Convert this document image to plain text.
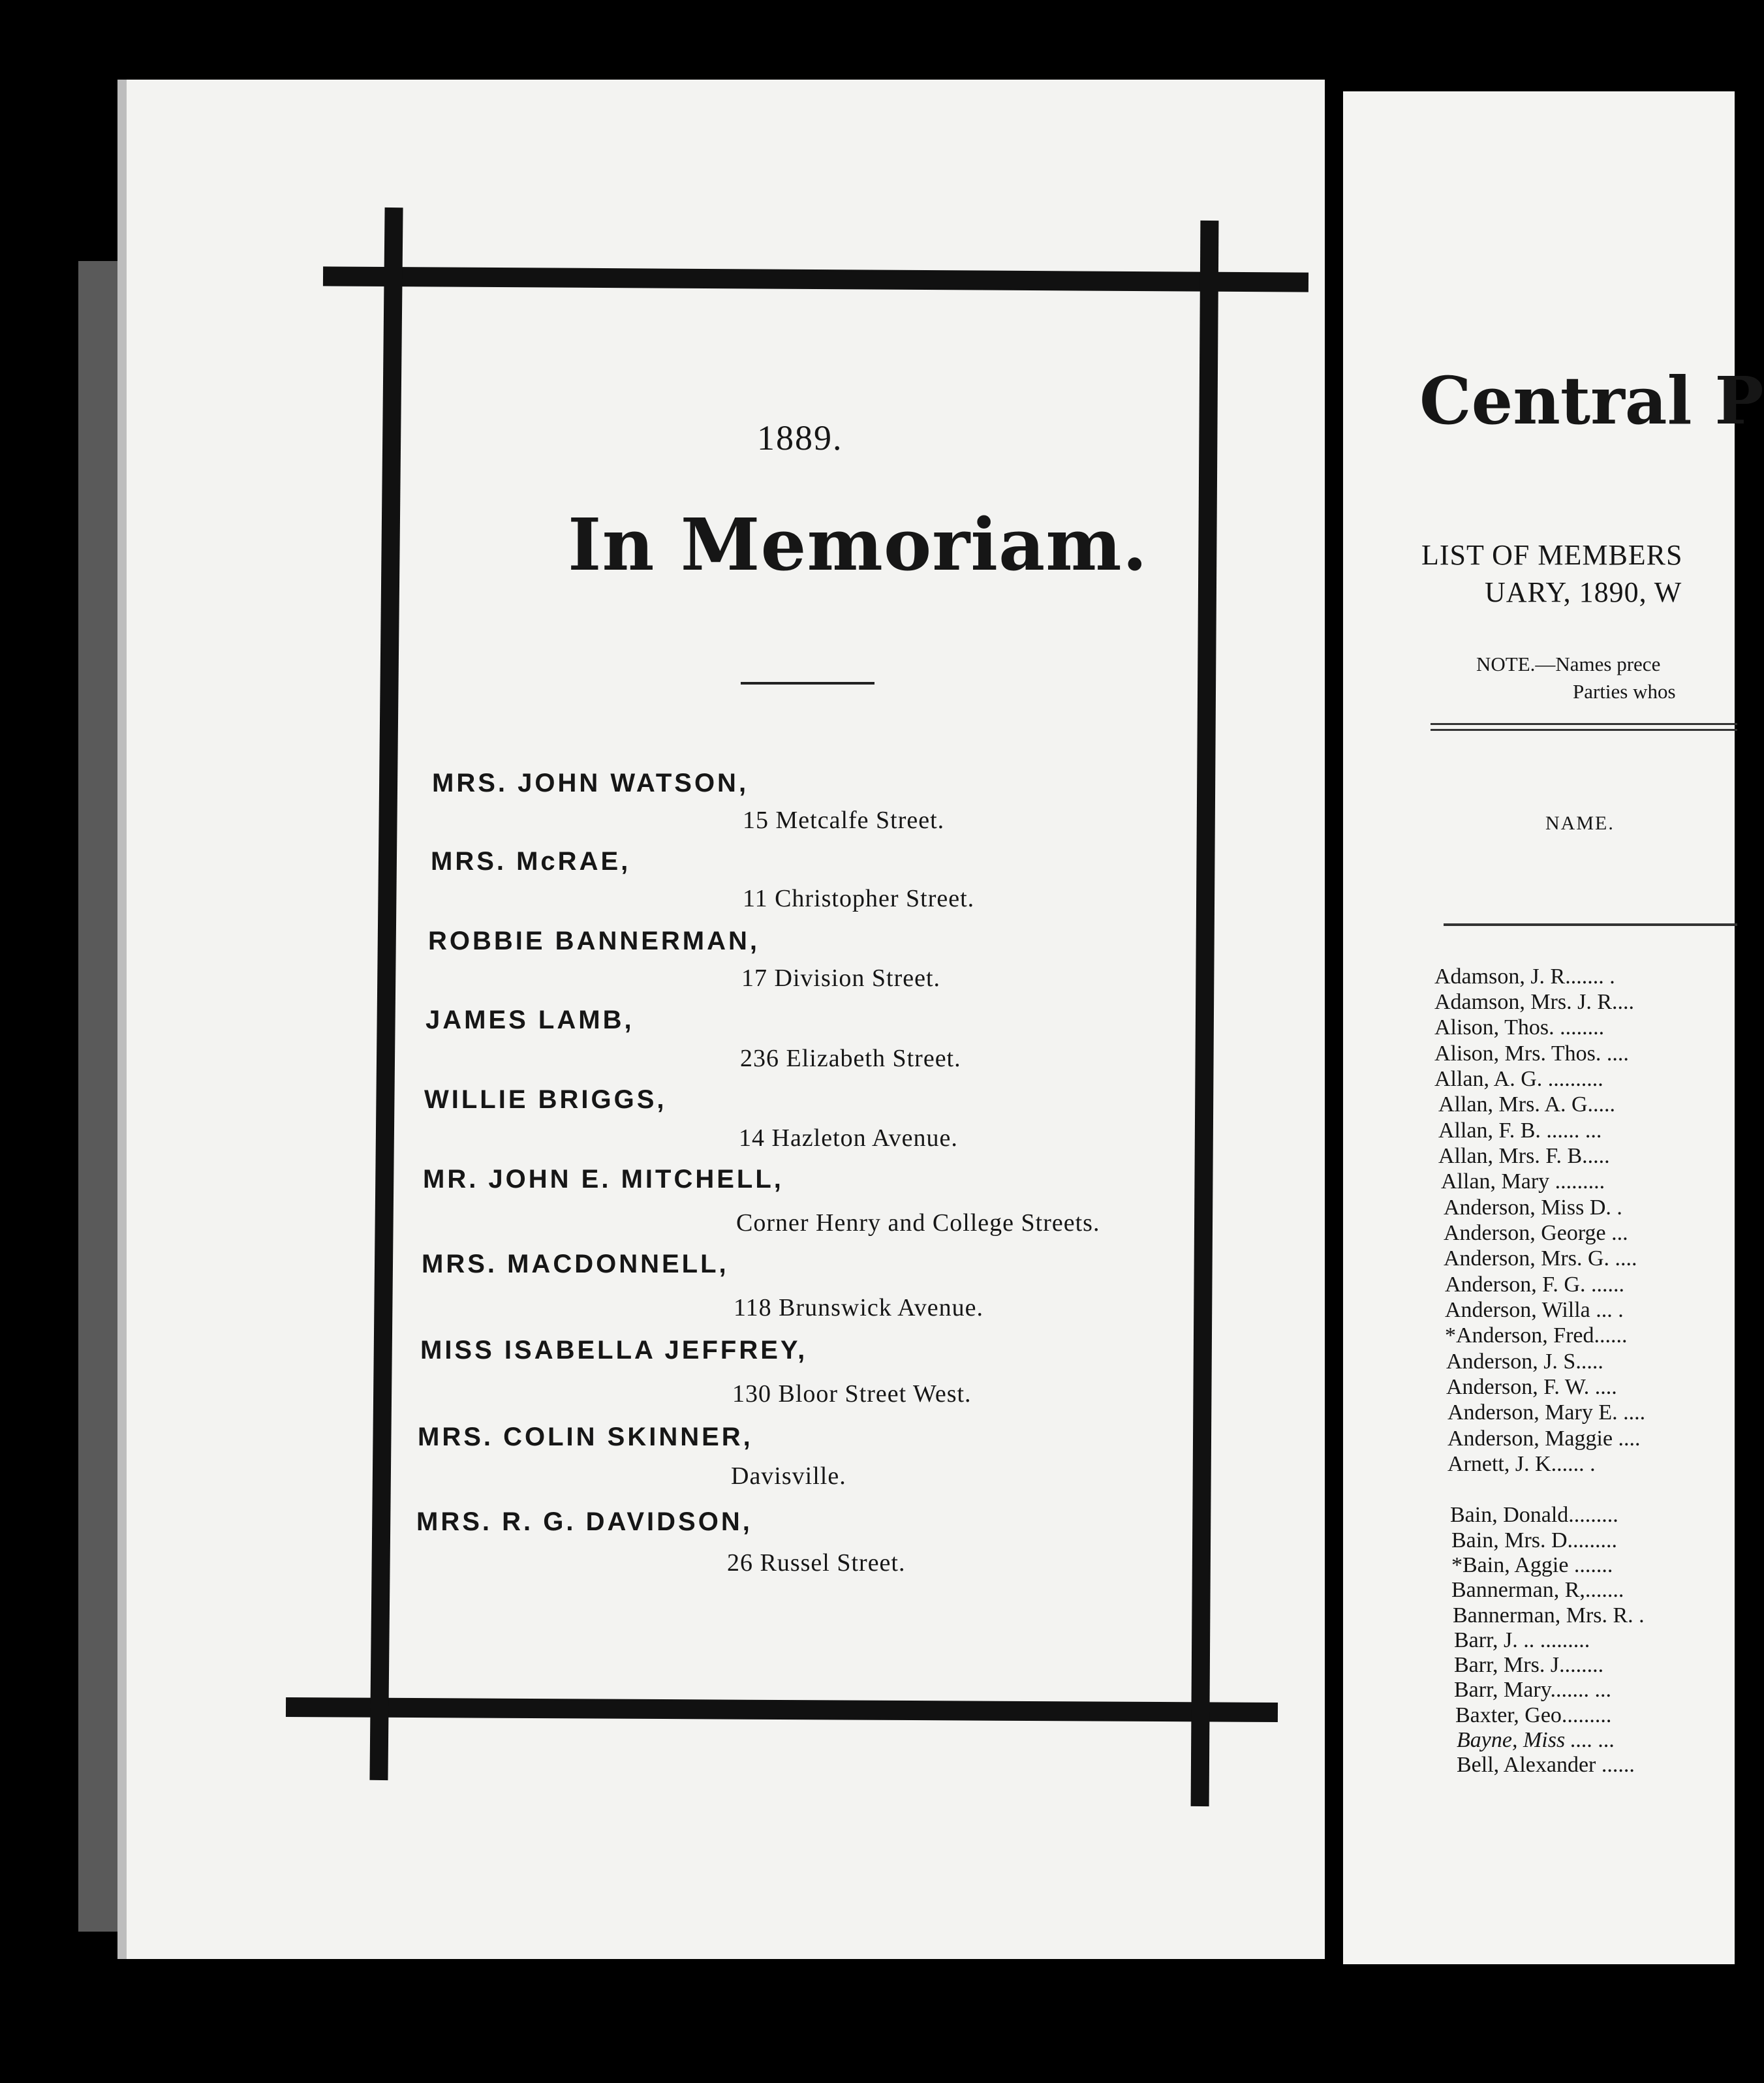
1889.
In Memoriam.
MRS. JOHN WATSON,
15 Metcalfe Street.
MRS. McRAE,
11 Christopher Street.
ROBBIE BANNERMAN,
17 Division Street.
JAMES LAMB,
236 Elizabeth Street.
WILLIE BRIGGS,
14 Hazleton Avenue.
MR. JOHN E. MITCHELL,
Corner Henry and College Streets.
MRS. MACDONNELL,
118 Brunswick Avenue.
MISS ISABELLA JEFFREY,
130 Bloor Street West.
MRS. COLIN SKINNER,
Davisville.
MRS. R. G. DAVIDSON,
26 Russel Street.
Central P
LIST OF MEMBERS
UARY, 1890, W
NOTE.—Names prece
Parties whos
NAME.
Adamson, J. R....... .
Adamson, Mrs. J. R....
Alison, Thos. ........
Alison, Mrs. Thos. ....
Allan, A. G. ..........
Allan, Mrs. A. G.....
Allan, F. B. ...... ...
Allan, Mrs. F. B.....
Allan, Mary .........
Anderson, Miss D. .
Anderson, George ...
Anderson, Mrs. G. ....
Anderson, F. G. ......
Anderson, Willa ... .
*Anderson, Fred......
Anderson, J. S.....
Anderson, F. W. ....
Anderson, Mary E. ....
Anderson, Maggie ....
Arnett, J. K...... .
Bain, Donald.........
Bain, Mrs. D.........
*Bain, Aggie .......
Bannerman, R,.......
Bannerman, Mrs. R. .
Barr, J. .. .........
Barr, Mrs. J........
Barr, Mary....... ...
Baxter, Geo.........
Bayne, Miss .... ...
Bell, Alexander ......
